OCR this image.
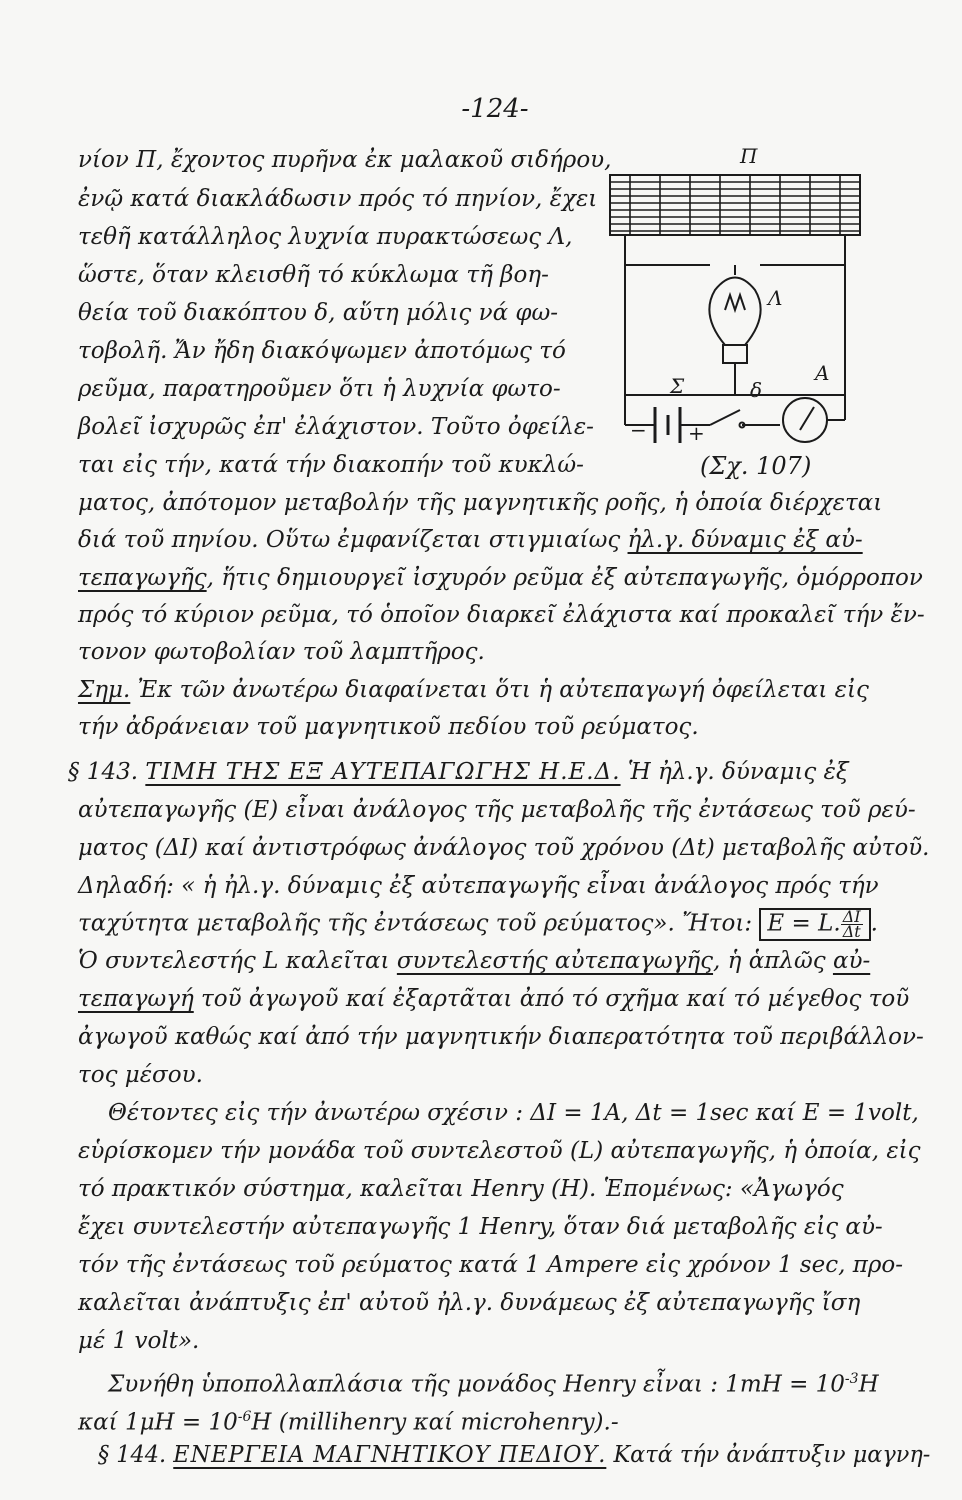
-124-
Π
Λ
Σ	δ
A
− +
(Σχ. 107)
νίον Π, ἔχοντος πυρῆνα ἐκ μαλακοῦ σιδήρου,
ἐνῷ κατά διακλάδωσιν πρός τό πηνίον, ἔχει
τεθῆ κατάλληλος λυχνία πυρακτώσεως Λ,
ὥστε, ὅταν κλεισθῆ τό κύκλωμα τῆ βοη-
θεία τοῦ διακόπτου δ, αὕτη μόλις νά φω-
τοβολῆ. Ἄν ἤδη διακόψωμεν ἀποτόμως τό
ρεῦμα, παρατηροῦμεν ὅτι ἡ λυχνία φωτο-
βολεῖ ἰσχυρῶς ἐπ' ἐλάχιστον. Τοῦτο ὀφείλε-
ται εἰς τήν, κατά τήν διακοπήν τοῦ κυκλώ-
ματος, ἀπότομον μεταβολήν τῆς μαγνητικῆς ροῆς, ἡ ὁποία διέρχεται
διά τοῦ πηνίου. Οὕτω ἐμφανίζεται στιγμιαίως ἠλ.γ. δύναμις ἐξ αὐ-
τεπαγωγῆς, ἥτις δημιουργεῖ ἰσχυρόν ρεῦμα ἐξ αὐτεπαγωγῆς, ὁμόρροπον
πρός τό κύριον ρεῦμα, τό ὁποῖον διαρκεῖ ἐλάχιστα καί προκαλεῖ τήν ἔν-
τονον φωτοβολίαν τοῦ λαμπτῆρος.
Σημ. Ἐκ τῶν ἀνωτέρω διαφαίνεται ὅτι ἡ αὐτεπαγωγή ὀφείλεται εἰς
τήν ἀδράνειαν τοῦ μαγνητικοῦ πεδίου τοῦ ρεύματος.
§ 143. ΤΙΜΗ ΤΗΣ ΕΞ ΑΥΤΕΠΑΓΩΓΗΣ Η.Ε.Δ. Ἡ ἠλ.γ. δύναμις ἐξ
αὐτεπαγωγῆς (E) εἶναι ἀνάλογος τῆς μεταβολῆς τῆς ἐντάσεως τοῦ ρεύ-
ματος (ΔΙ) καί ἀντιστρόφως ἀνάλογος τοῦ χρόνου (Δt) μεταβολῆς αὐτοῦ.
Δηλαδή: « ἡ ἠλ.γ. δύναμις ἐξ αὐτεπαγωγῆς εἶναι ἀνάλογος πρός τήν
ταχύτητα μεταβολῆς τῆς ἐντάσεως τοῦ ρεύματος». Ἤτοι: E = L. $\frac{\Delta I}{\Delta t}$ .
Ὁ συντελεστής L καλεῖται συντελεστής αὐτεπαγωγῆς, ἡ ἁπλῶς αὐ-
τεπαγωγή τοῦ ἀγωγοῦ καί ἐξαρτᾶται ἀπό τό σχῆμα καί τό μέγεθος τοῦ
ἀγωγοῦ καθώς καί ἀπό τήν μαγνητικήν διαπερατότητα τοῦ περιβάλλον-
τος μέσου.
Θέτοντες εἰς τήν ἀνωτέρω σχέσιν : ΔΙ = 1A, Δt = 1sec καί E = 1volt,
εὑρίσκομεν τήν μονάδα τοῦ συντελεστοῦ (L) αὐτεπαγωγῆς, ἡ ὁποία, εἰς
τό πρακτικόν σύστημα, καλεῖται Henry (H). Ἑπομένως: «Ἀγωγός
ἔχει συντελεστήν αὐτεπαγωγῆς 1 Henry, ὅταν διά μεταβολῆς εἰς αὐ-
τόν τῆς ἐντάσεως τοῦ ρεύματος κατά 1 Ampere εἰς χρόνον 1 sec, προ-
καλεῖται ἀνάπτυξις ἐπ' αὐτοῦ ἠλ.γ. δυνάμεως ἐξ αὐτεπαγωγῆς ἴση
μέ 1 volt».
Συνήθη ὑποπολλαπλάσια τῆς μονάδος Henry εἶναι : $1mH = 10^{-3}H$
καί $1\mu H = 10^{-6}H$ (millihenry καί microhenry).-
§ 144. ΕΝΕΡΓΕΙΑ ΜΑΓΝΗΤΙΚΟΥ ΠΕΔΙΟΥ. Κατά τήν ἀνάπτυξιν μαγνη-
